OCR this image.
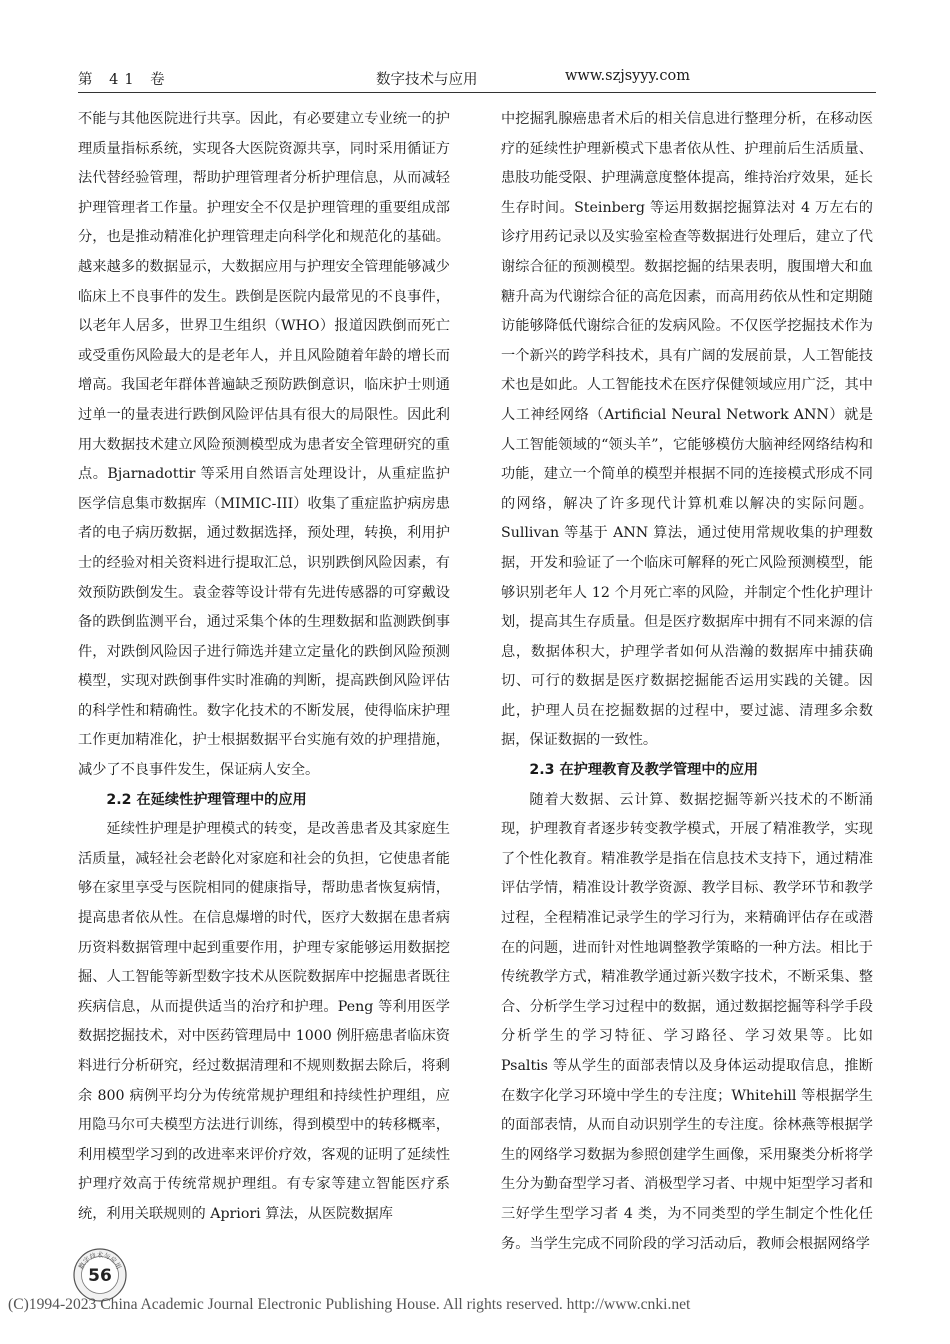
第 41 卷	数字技术与应用	www.szjsyyy.com

不能与其他医院进行共享。因此，有必要建立专业统一的护理质量指标系统，实现各大医院资源共享，同时采用循证方法代替经验管理，帮助护理管理者分析护理信息，从而减轻护理管理者工作量。护理安全不仅是护理管理的重要组成部分，也是推动精准化护理管理走向科学化和规范化的基础。越来越多的数据显示，大数据应用与护理安全管理能够减少临床上不良事件的发生。跌倒是医院内最常见的不良事件，以老年人居多，世界卫生组织（WHO）报道因跌倒而死亡或受重伤风险最大的是老年人，并且风险随着年龄的增长而增高。我国老年群体普遍缺乏预防跌倒意识，临床护士则通过单一的量表进行跌倒风险评估具有很大的局限性。因此利用大数据技术建立风险预测模型成为患者安全管理研究的重点。Bjarnadottir 等采用自然语言处理设计，从重症监护医学信息集市数据库（MIMIC-III）收集了重症监护病房患者的电子病历数据，通过数据选择，预处理，转换，利用护士的经验对相关资料进行提取汇总，识别跌倒风险因素，有效预防跌倒发生。袁金蓉等设计带有先进传感器的可穿戴设备的跌倒监测平台，通过采集个体的生理数据和监测跌倒事件，对跌倒风险因子进行筛选并建立定量化的跌倒风险预测模型，实现对跌倒事件实时准确的判断，提高跌倒风险评估的科学性和精确性。数字化技术的不断发展，使得临床护理工作更加精准化，护士根据数据平台实施有效的护理措施，减少了不良事件发生，保证病人安全。

2.2 在延续性护理管理中的应用

延续性护理是护理模式的转变，是改善患者及其家庭生活质量，减轻社会老龄化对家庭和社会的负担，它使患者能够在家里享受与医院相同的健康指导，帮助患者恢复病情，提高患者依从性。在信息爆增的时代，医疗大数据在患者病历资料数据管理中起到重要作用，护理专家能够运用数据挖掘、人工智能等新型数字技术从医院数据库中挖掘患者既往疾病信息，从而提供适当的治疗和护理。Peng 等利用医学数据挖掘技术，对中医药管理局中 1000 例肝癌患者临床资料进行分析研究，经过数据清理和不规则数据去除后，将剩余 800 病例平均分为传统常规护理组和持续性护理组，应用隐马尔可夫模型方法进行训练，得到模型中的转移概率，利用模型学习到的改进率来评价疗效，客观的证明了延续性护理疗效高于传统常规护理组。有专家等建立智能医疗系统，利用关联规则的 Apriori 算法，从医院数据库

中挖掘乳腺癌患者术后的相关信息进行整理分析，在移动医疗的延续性护理新模式下患者依从性、护理前后生活质量、患肢功能受限、护理满意度整体提高，维持治疗效果，延长生存时间。Steinberg 等运用数据挖掘算法对 4 万左右的诊疗用药记录以及实验室检查等数据进行处理后，建立了代谢综合征的预测模型。数据挖掘的结果表明，腹围增大和血糖升高为代谢综合征的高危因素，而高用药依从性和定期随访能够降低代谢综合征的发病风险。不仅医学挖掘技术作为一个新兴的跨学科技术，具有广阔的发展前景，人工智能技术也是如此。人工智能技术在医疗保健领域应用广泛，其中人工神经网络（Artificial Neural Network ANN）就是人工智能领域的“领头羊”，它能够模仿大脑神经网络结构和功能，建立一个简单的模型并根据不同的连接模式形成不同的网络，解决了许多现代计算机难以解决的实际问题。Sullivan 等基于 ANN 算法，通过使用常规收集的护理数据，开发和验证了一个临床可解释的死亡风险预测模型，能够识别老年人 12 个月死亡率的风险，并制定个性化护理计划，提高其生存质量。但是医疗数据库中拥有不同来源的信息，数据体积大，护理学者如何从浩瀚的数据库中捕获确切、可行的数据是医疗数据挖掘能否运用实践的关键。因此，护理人员在挖掘数据的过程中，要过滤、清理多余数据，保证数据的一致性。

2.3 在护理教育及教学管理中的应用

随着大数据、云计算、数据挖掘等新兴技术的不断涌现，护理教育者逐步转变教学模式，开展了精准教学，实现了个性化教育。精准教学是指在信息技术支持下，通过精准评估学情，精准设计教学资源、教学目标、教学环节和教学过程，全程精准记录学生的学习行为，来精确评估存在或潜在的问题，进而针对性地调整教学策略的一种方法。相比于传统教学方式，精准教学通过新兴数字技术，不断采集、整合、分析学生学习过程中的数据，通过数据挖掘等科学手段分析学生的学习特征、学习路径、学习效果等。比如 Psaltis 等从学生的面部表情以及身体运动提取信息，推断在数字化学习环境中学生的专注度；Whitehill 等根据学生的面部表情，从而自动识别学生的专注度。徐林燕等根据学生的网络学习数据为参照创建学生画像，采用聚类分析将学生分为勤奋型学习者、消极型学习者、中规中矩型学习者和三好学生型学习者 4 类，为不同类型的学生制定个性化任务。当学生完成不同阶段的学习活动后，教师会根据网络学

数字技术与应用
56
(C)1994-2023 China Academic Journal Electronic Publishing House. All rights reserved. http://www.cnki.net
